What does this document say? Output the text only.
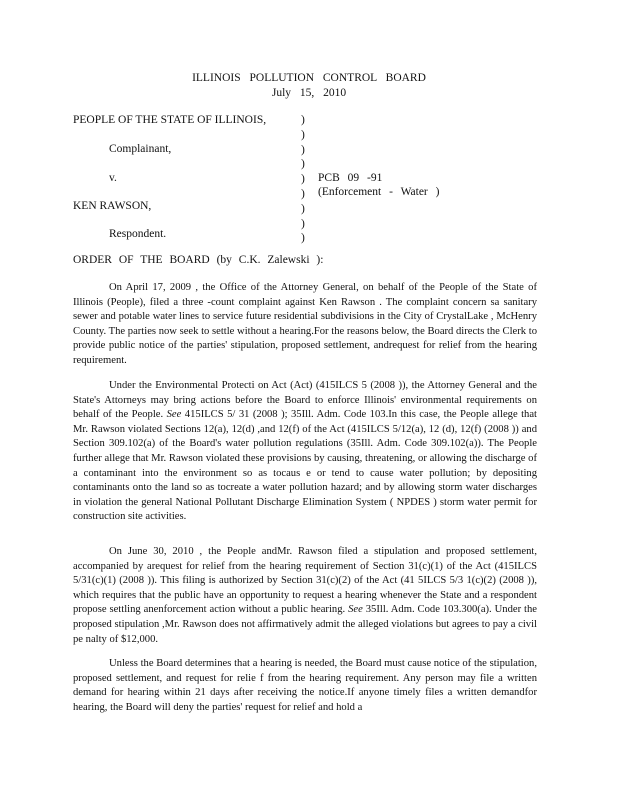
ILLINOIS POLLUTION CONTROL BOARD
July 15, 2010
PEOPLE OF THE STATE OF ILLINOIS,
Complainant,
v.	PCB 09 -91
(Enforcement - Water )
KEN RAWSON,
Respondent.
)
)
)
)
)
)
)
)
)
ORDER OF THE BOARD (by C.K. Zalewski ):

On April 17, 2009 , the Office of the Attorney General, on behalf of the People of the State of Illinois (People), filed a three -count complaint against Ken Rawson . The complaint concern sa sanitary sewer and potable water lines to service future residential subdivisions in the City of CrystalLake , McHenry County. The parties now seek to settle without a hearing.For the reasons below, the Board directs the Clerk to provide public notice of the parties' stipulation, proposed settlement, andrequest for relief from the hearing requirement.

Under the Environmental Protecti on Act (Act) (415ILCS 5 (2008 )), the Attorney General and the State's Attorneys may bring actions before the Board to enforce Illinois' environmental requirements on behalf of the People. See 415ILCS 5/ 31 (2008 ); 35Ill. Adm. Code 103.In this case, the People allege that Mr. Rawson violated Sections 12(a), 12(d) ,and 12(f) of the Act (415ILCS 5/12(a), 12 (d), 12(f) (2008 )) and Section 309.102(a) of the Board's water pollution regulations (35Ill. Adm. Code 309.102(a)). The People further allege that Mr. Rawson violated these provisions by causing, threatening, or allowing the discharge of a contaminant into the environment so as tocaus e or tend to cause water pollution; by depositing contaminants onto the land so as tocreate a water pollution hazard; and by allowing storm water discharges in violation the general National Pollutant Discharge Elimination System ( NPDES ) storm water permit for construction site activities.

On June 30, 2010 , the People andMr. Rawson filed a stipulation and proposed settlement, accompanied by arequest for relief from the hearing requirement of Section 31(c)(1) of the Act (415ILCS 5/31(c)(1) (2008 )). This filing is authorized by Section 31(c)(2) of the Act (41 5ILCS 5/3 1(c)(2) (2008 )), which requires that the public have an opportunity to request a hearing whenever the State and a respondent propose settling anenforcement action without a public hearing. See 35Ill. Adm. Code 103.300(a). Under the proposed stipulation ,Mr. Rawson does not affirmatively admit the alleged violations but agrees to pay a civil pe nalty of $12,000.

Unless the Board determines that a hearing is needed, the Board must cause notice of the stipulation, proposed settlement, and request for relie f from the hearing requirement. Any person may file a written demand for hearing within 21 days after receiving the notice.If anyone timely files a written demandfor hearing, the Board will deny the parties' request for relief and hold a
